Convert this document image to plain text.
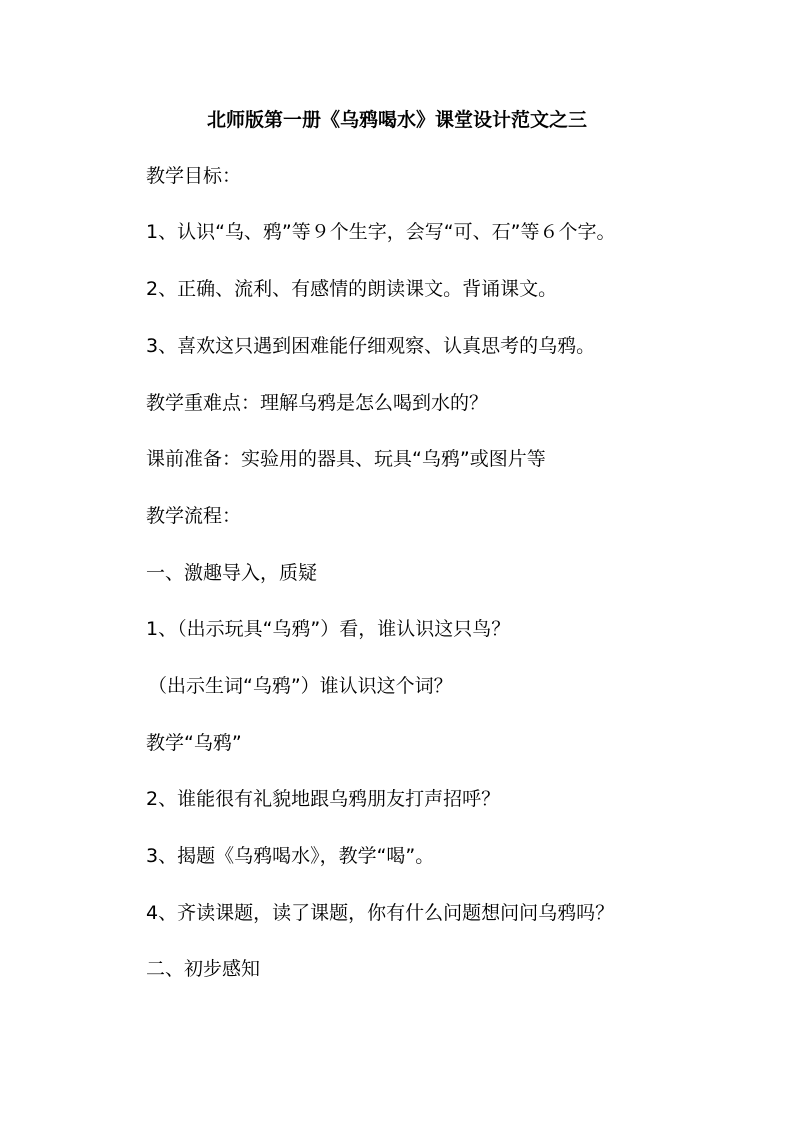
北师版第一册《乌鸦喝水》课堂设计范文之三
教学目标：
1、认识“乌、鸦”等９个生字，会写“可、石”等６个字。
2、正确、流利、有感情的朗读课文。背诵课文。
3、喜欢这只遇到困难能仔细观察、认真思考的乌鸦。
教学重难点：理解乌鸦是怎么喝到水的？
课前准备：实验用的器具、玩具“乌鸦”或图片等
教学流程：
一、激趣导入，质疑
1、（出示玩具“乌鸦”）看，谁认识这只鸟？
（出示生词“乌鸦”）谁认识这个词？
教学“乌鸦”
2、谁能很有礼貌地跟乌鸦朋友打声招呼？
3、揭题《乌鸦喝水》，教学“喝”。
4、齐读课题，读了课题，你有什么问题想问问乌鸦吗？
二、初步感知
